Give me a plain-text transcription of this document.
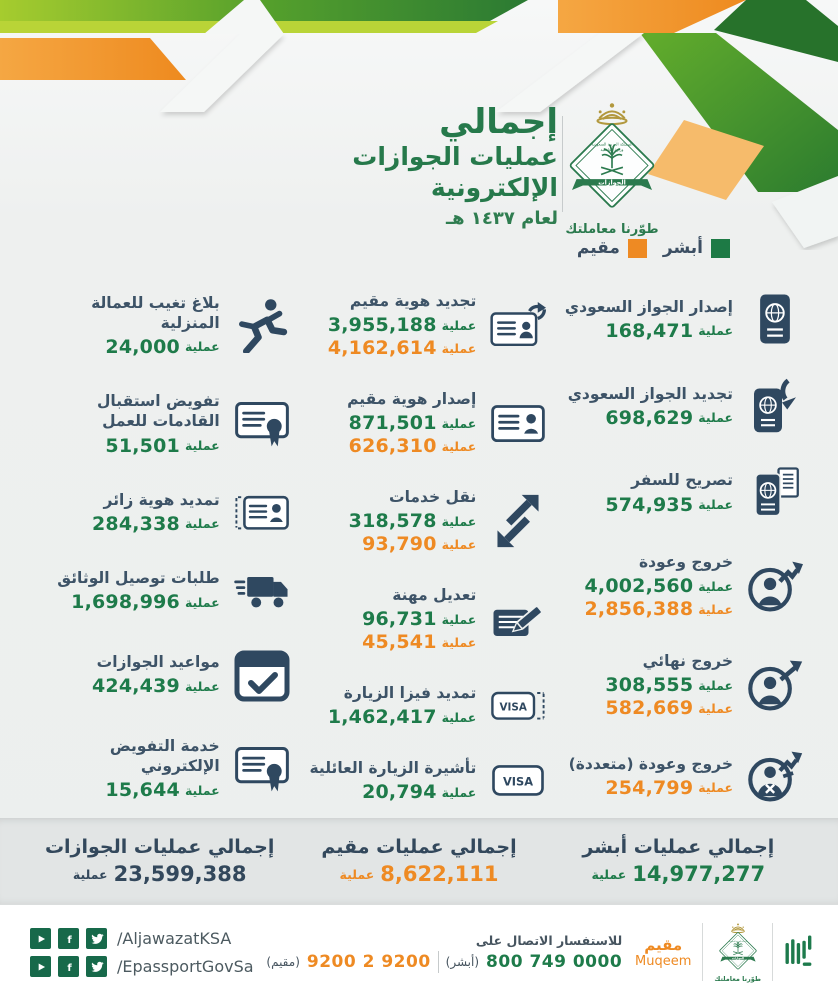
إجمالي
عمليات الجوازات الإلكترونية
لعام ١٤٣٧ هـ
المملكة العربية السعودية
وزارة الداخلية
الجوازات
طوّرنا معاملتك
أبشر
مقيم
إصدار الجواز السعودي
168,471 عملية
تجديد الجواز السعودي
698,629 عملية
تصريح للسفر
574,935 عملية
خروج وعودة
4,002,560 عملية
2,856,388 عملية
خروج نهائي
308,555 عملية
582,669 عملية
خروج وعودة (متعددة)
254,799 عملية
تجديد هوية مقيم
3,955,188 عملية
4,162,614 عملية
إصدار هوية مقيم
871,501 عملية
626,310 عملية
نقل خدمات
318,578 عملية
93,790 عملية
تعديل مهنة
96,731 عملية
45,541 عملية
VISA
تمديد فيزا الزيارة
1,462,417 عملية
VISA
تأشيرة الزيارة العائلية
20,794 عملية
بلاغ تغيب للعمالة المنزلية
24,000 عملية
تفويض استقبال القادمات للعمل
51,501 عملية
تمديد هوية زائر
284,338 عملية
طلبات توصيل الوثائق
1,698,996 عملية
مواعيد الجوازات
424,439 عملية
خدمة التفويض الإلكتروني
15,644 عملية
إجمالي عمليات أبشر
14,977,277
عملية
إجمالي عمليات مقيم
8,622,111
عملية
إجمالي عمليات الجوازات
23,599,388
عملية
f	/AljawazatKSA
f	/EpassportGovSa
للاستفسار الاتصال على
(مقيم) 9200 2 9200 (أبشر) 800 749 0000
مقيم
Muqeem
المملكة العربية السعودية
وزارة الداخلية
الجوازات
طوّرنا معاملتك
